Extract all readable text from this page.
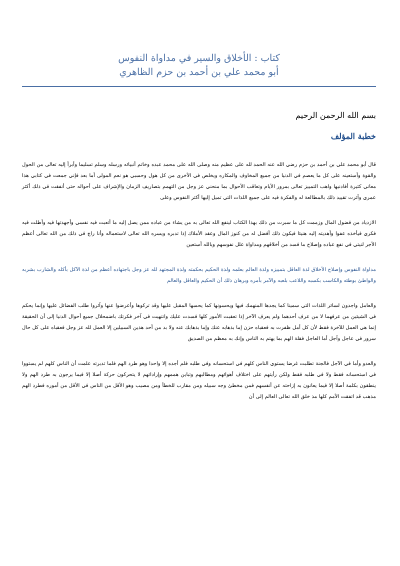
كتاب : الأخلاق والسير في مداواة النفوس
أبو محمد علي بن أحمد بن حزم الظاهري
بسم الله الرحمن الرحيم
خطبة المؤلف

قال أبو محمد علي بن أحمد بن حزم رضي الله عنه الحمد لله على عظيم منه وصلى الله على محمد عبده وخاتم أنبيائه ورسله وسلم تسليما وأبرأ إليه تعالى من الحول والقوة وأستعينه على كل ما يعصم في الدنيا من جميع المخاوف والمكاره ويخلص في الأخرى من كل هول وحسبي هو نعم المولى أما بعد فإني جمعت في كتابي هذا معاني كثيرة أفادنيها واهب التمييز تعالى بمرور الأيام وتعاقب الأحوال بما منحني عز وجل من التهمم بتصاريف الزمان والإشراف على أحواله حتى أنفقت في ذلك أكثر عمري وآثرت تقييد ذلك بالمطالعة له والفكرة فيه على جميع اللذات التي تميل إليها أكثر النفوس وعلى

الازدياد من فضول المال وزممت كل ما سبرت من ذلك بهذا الكتاب لينفع الله تعالى به من يشاء من عباده ممن يصل إليه ما أتعبت فيه نفسي وأجهدتها فيه وأطلت فيه فكري فيأخذه عفوا وأهديته إليه هنيئا فيكون ذلك أفضل له من كنوز المال وعقد الأملاك إذا تدبره ويسره الله تعالى لاستعماله وأنا راج في ذلك من الله تعالى أعظم الأجر لنيتي في نفع عباده وإصلاح ما فسد من أخلاقهم ومداواة علل نفوسهم وبالله أستعين

مداواة النفوس وإصلاح الأخلاق لذة العاقل بتمييزه ولذة العالم بعلمه ولذة الحكيم بحكمته ولذة المجتهد لله عز وجل باجتهاده أعظم من لذة الآكل بأكله والشارب بشربه والواطئ بوطئه والكاسب بكسبه واللاعب بلعبه والآمر بأمره وبرهان ذلك أن الحكيم والعاقل والعالم

والعامل واجدون لسائر اللذات التي سمينا كما يجدها المنهمك فيها ويحسونها كما يحسها المقبل عليها وقد تركوها وأعرضوا عنها وآثروا طلب الفضائل عليها وإنما يحكم في الشيئين من عرفهما لا من عرف أحدهما ولم يعرف الآخر إذا تعقبت الأمور كلها فسدت عليك وانتهيت في آخر فكرتك باضمحلال جميع أحوال الدنيا إلى أن الحقيقة إنما هي العمل للآخرة فقط لأن كل أمل ظفرت به فعقباه حزن إما بذهابه عنك وإما بذهابك عنه ولا بد من أحد هذين السبيلين إلا العمل لله عز وجل فعقباه على كل حال سرور في عاجل وآجل أما العاجل فقلة الهم بما يهتم به الناس وإنك به معظم من الصديق

والعدو وأما في الآجل فالجنة تطلبت غرضا يستوي الناس كلهم في استحسانه وفي طلبه فلم أجده إلا واحدا وهو طرد الهم فلما تدبرته علمت أن الناس كلهم لم يستووا في استحسانه فقط ولا في طلبه فقط ولكن رأيتهم على اختلاف أهوائهم ومطالبهم وتباين هممهم وإراداتهم لا يتحركون حركة أصلا إلا فيما يرجون به طرد الهم ولا ينطقون بكلمة أصلا إلا فيما يعانون به إزاحته عن أنفسهم فمن مخطئ وجه سبيله ومن مقارب للخطأ ومن مصيب وهو الأقل من الناس في الأقل من أموره فطرد الهم مذهب قد اتفقت الأمم كلها مذ خلق الله تعالى العالم إلى أن
